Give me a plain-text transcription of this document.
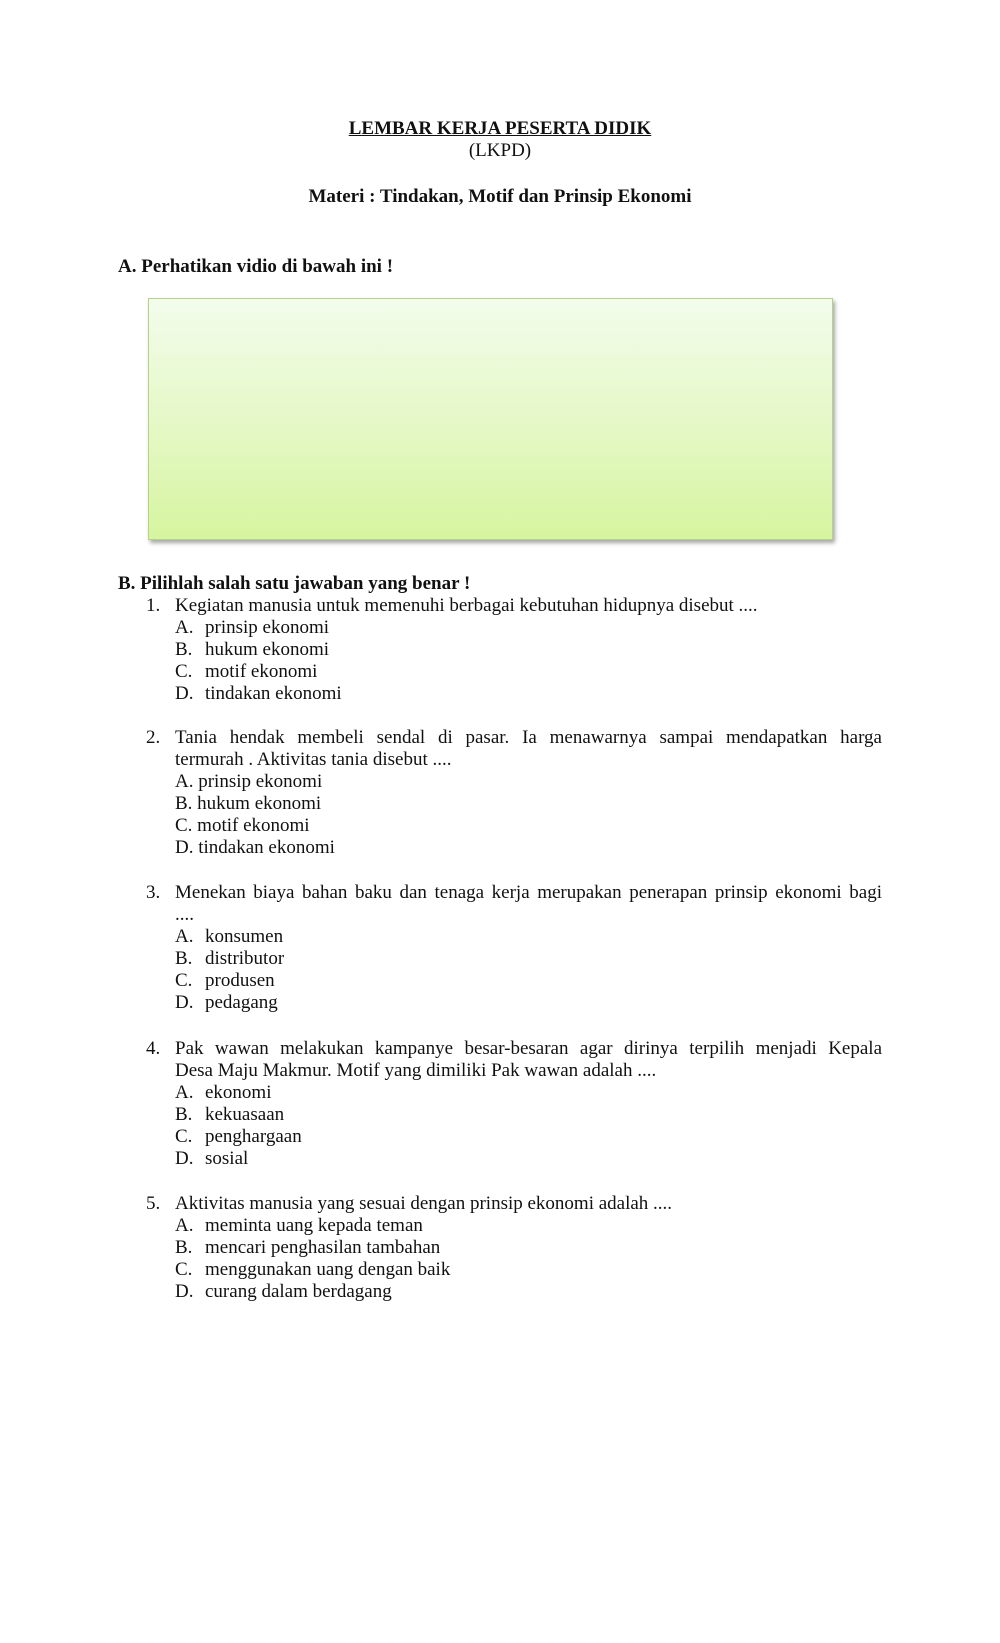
LEMBAR KERJA PESERTA DIDIK
(LKPD)
Materi : Tindakan, Motif dan Prinsip Ekonomi
A. Perhatikan vidio di bawah ini !
B. Pilihlah salah satu jawaban yang benar !
1. Kegiatan manusia untuk memenuhi berbagai kebutuhan hidupnya disebut ....
A. prinsip ekonomi
B. hukum ekonomi
C. motif ekonomi
D. tindakan ekonomi
2. Tania hendak membeli sendal di pasar. Ia menawarnya sampai mendapatkan harga
termurah . Aktivitas tania disebut ....
A. prinsip ekonomi
B. hukum ekonomi
C. motif ekonomi
D. tindakan ekonomi
3. Menekan biaya bahan baku dan tenaga kerja merupakan penerapan prinsip ekonomi bagi
....
A. konsumen
B. distributor
C. produsen
D. pedagang
4. Pak wawan melakukan kampanye besar-besaran agar dirinya terpilih menjadi Kepala
Desa Maju Makmur. Motif yang dimiliki Pak wawan adalah ....
A. ekonomi
B. kekuasaan
C. penghargaan
D. sosial
5. Aktivitas manusia yang sesuai dengan prinsip ekonomi adalah ....
A. meminta uang kepada teman
B. mencari penghasilan tambahan
C. menggunakan uang dengan baik
D. curang dalam berdagang
